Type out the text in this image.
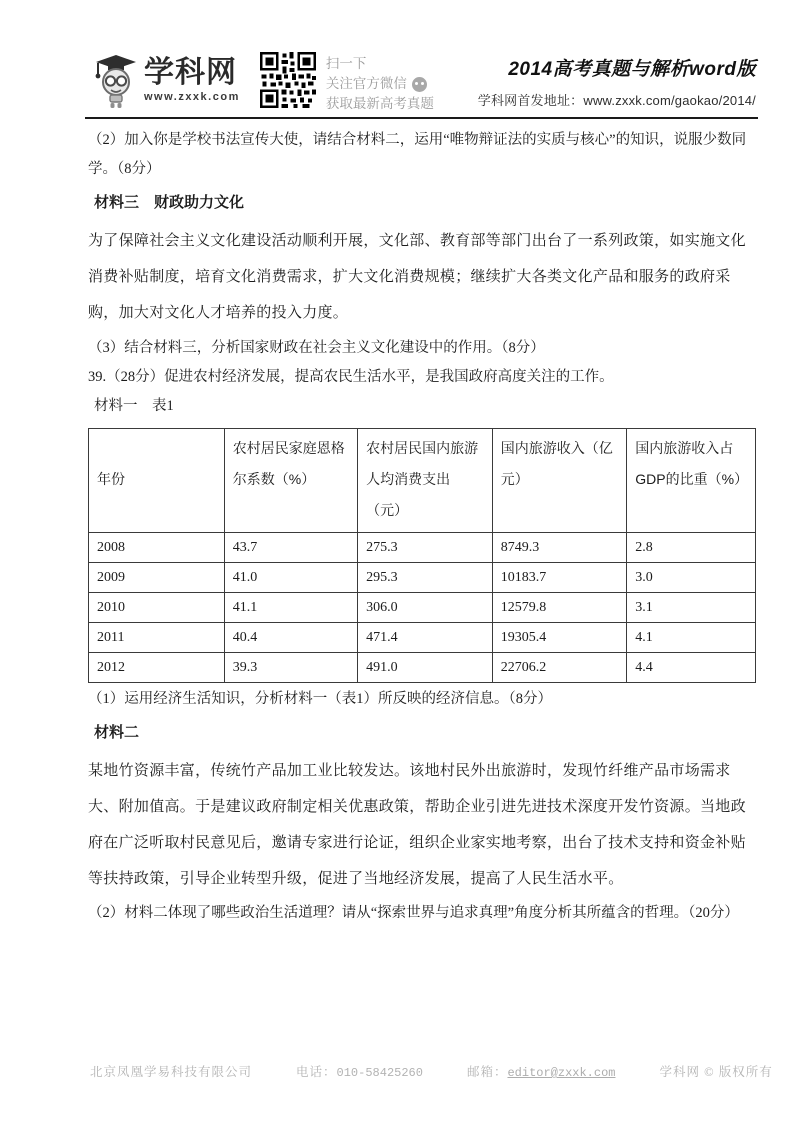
学科网
www.zxxk.com
扫一下
关注官方微信
获取最新高考真题
2014高考真题与解析word版
学科网首发地址：www.zxxk.com/gaokao/2014/

（2）加入你是学校书法宣传大使，请结合材料二，运用“唯物辩证法的实质与核心”的知识，说服少数同学。（8分）

材料三　财政助力文化

为了保障社会主义文化建设活动顺利开展，文化部、教育部等部门出台了一系列政策，如实施文化消费补贴制度，培育文化消费需求，扩大文化消费规模；继续扩大各类文化产品和服务的政府采购，加大对文化人才培养的投入力度。

（3）结合材料三，分析国家财政在社会主义文化建设中的作用。（8分）

39.（28分）促进农村经济发展，提高农民生活水平，是我国政府高度关注的工作。

材料一　表1

年份	农村居民家庭恩格尔系数（%）	农村居民国内旅游人均消费支出（元）	国内旅游收入（亿元）	国内旅游收入占GDP的比重（%）
2008	43.7	275.3	8749.3	2.8
2009	41.0	295.3	10183.7	3.0
2010	41.1	306.0	12579.8	3.1
2011	40.4	471.4	19305.4	4.1
2012	39.3	491.0	22706.2	4.4

（1）运用经济生活知识，分析材料一（表1）所反映的经济信息。（8分）

材料二

某地竹资源丰富，传统竹产品加工业比较发达。该地村民外出旅游时，发现竹纤维产品市场需求大、附加值高。于是建议政府制定相关优惠政策，帮助企业引进先进技术深度开发竹资源。当地政府在广泛听取村民意见后，邀请专家进行论证，组织企业家实地考察，出台了技术支持和资金补贴等扶持政策，引导企业转型升级，促进了当地经济发展，提高了人民生活水平。

（2）材料二体现了哪些政治生活道理？请从“探索世界与追求真理”角度分析其所蕴含的哲理。（20分）

北京凤凰学易科技有限公司	电话：010-58425260	邮箱：editor@zxxk.com	学科网 © 版权所有
